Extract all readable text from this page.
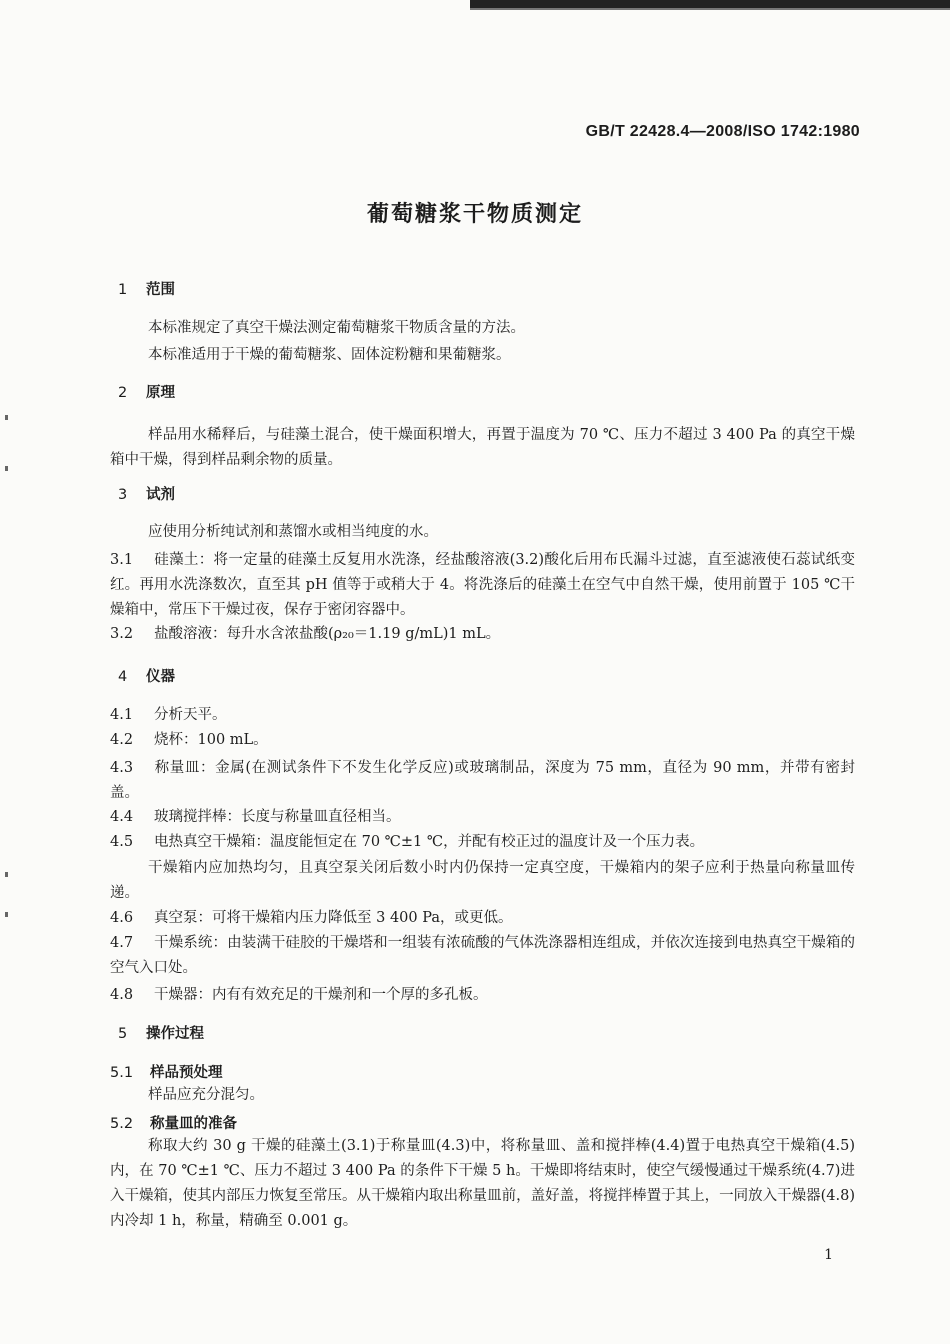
GB/T 22428.4—2008/ISO 1742:1980
葡萄糖浆干物质测定
1 范围
本标准规定了真空干燥法测定葡萄糖浆干物质含量的方法。
本标准适用于干燥的葡萄糖浆、固体淀粉糖和果葡糖浆。
2 原理
样品用水稀释后，与硅藻土混合，使干燥面积增大，再置于温度为 70 ℃、压力不超过 3 400 Pa 的真空干燥箱中干燥，得到样品剩余物的质量。
3 试剂
应使用分析纯试剂和蒸馏水或相当纯度的水。
3.1 硅藻土：将一定量的硅藻土反复用水洗涤，经盐酸溶液(3.2)酸化后用布氏漏斗过滤，直至滤液使石蕊试纸变红。再用水洗涤数次，直至其 pH 值等于或稍大于 4。将洗涤后的硅藻土在空气中自然干燥，使用前置于 105 ℃干燥箱中，常压下干燥过夜，保存于密闭容器中。
3.2 盐酸溶液：每升水含浓盐酸(ρ₂₀＝1.19 g/mL)1 mL。
4 仪器
4.1 分析天平。
4.2 烧杯：100 mL。
4.3 称量皿：金属(在测试条件下不发生化学反应)或玻璃制品，深度为 75 mm，直径为 90 mm，并带有密封盖。
4.4 玻璃搅拌棒：长度与称量皿直径相当。
4.5 电热真空干燥箱：温度能恒定在 70 ℃±1 ℃，并配有校正过的温度计及一个压力表。
干燥箱内应加热均匀，且真空泵关闭后数小时内仍保持一定真空度，干燥箱内的架子应利于热量向称量皿传递。
4.6 真空泵：可将干燥箱内压力降低至 3 400 Pa，或更低。
4.7 干燥系统：由装满干硅胶的干燥塔和一组装有浓硫酸的气体洗涤器相连组成，并依次连接到电热真空干燥箱的空气入口处。
4.8 干燥器：内有有效充足的干燥剂和一个厚的多孔板。
5 操作过程
5.1 样品预处理
样品应充分混匀。
5.2 称量皿的准备
称取大约 30 g 干燥的硅藻土(3.1)于称量皿(4.3)中，将称量皿、盖和搅拌棒(4.4)置于电热真空干燥箱(4.5)内，在 70 ℃±1 ℃、压力不超过 3 400 Pa 的条件下干燥 5 h。干燥即将结束时，使空气缓慢通过干燥系统(4.7)进入干燥箱，使其内部压力恢复至常压。从干燥箱内取出称量皿前，盖好盖，将搅拌棒置于其上，一同放入干燥器(4.8)内冷却 1 h，称量，精确至 0.001 g。
1
